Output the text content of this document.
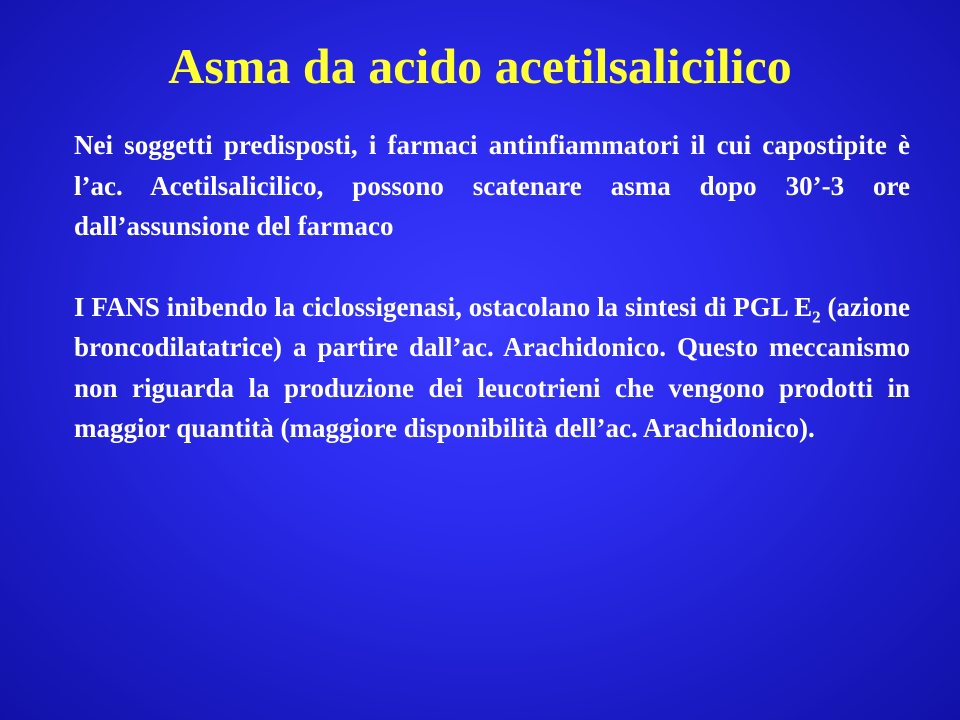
Asma da acido acetilsalicilico

Nei soggetti predisposti, i farmaci antinfiammatori il cui capostipite è l’ac. Acetilsalicilico, possono scatenare asma dopo 30’-3 ore dall’assunsione del farmaco

I FANS inibendo la ciclossigenasi, ostacolano la sintesi di PGL $E_2$ (azione broncodilatatrice) a partire dall’ac. Arachidonico. Questo meccanismo non riguarda la produzione dei leucotrieni che vengono prodotti in maggior quantità (maggiore disponibilità dell’ac. Arachidonico).
